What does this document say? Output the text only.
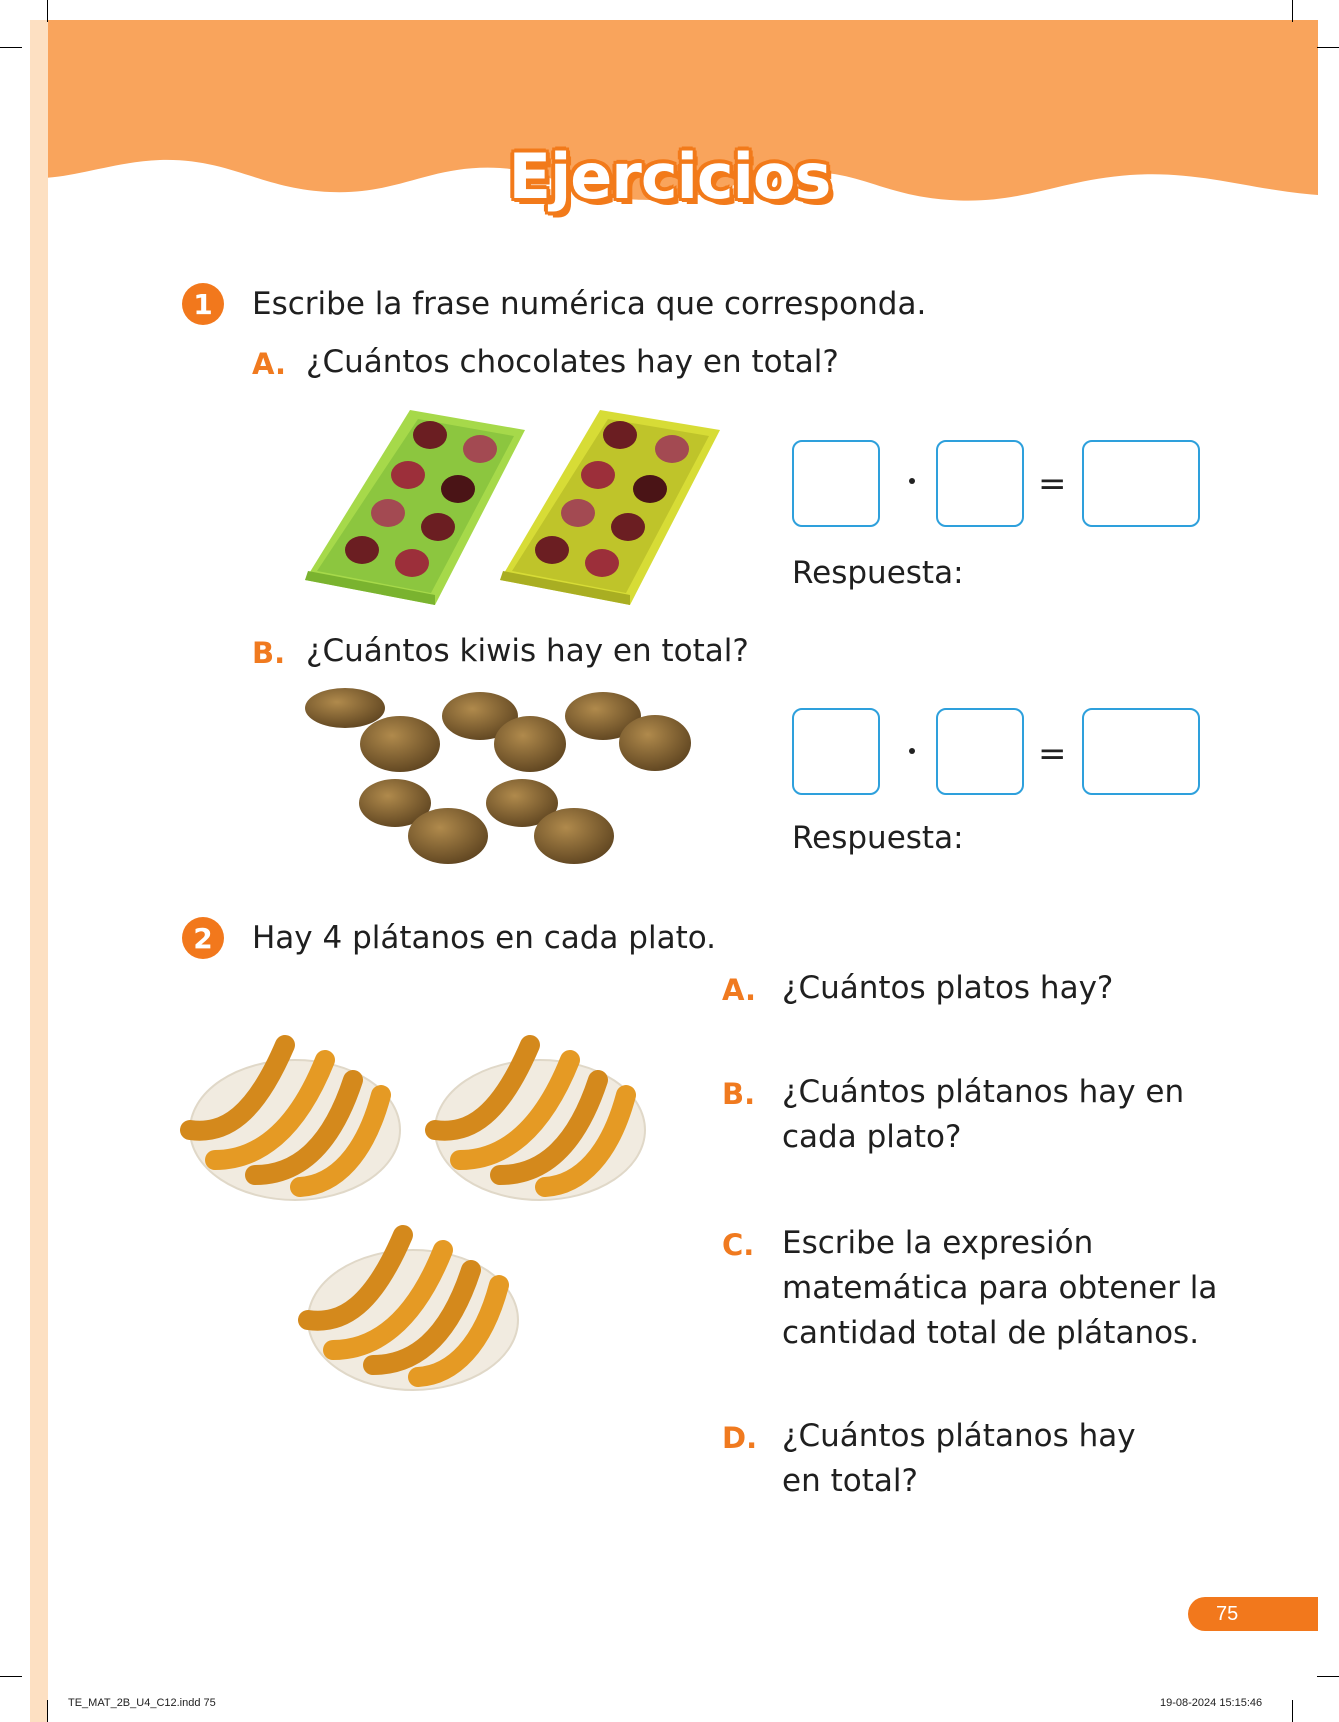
Ejercicios
1	Escribe la frase numérica que corresponda.
A. ¿Cuántos chocolates hay en total?
=
Respuesta:
B. ¿Cuántos kiwis hay en total?
=
Respuesta:
2	Hay 4 plátanos en cada plato.
A. ¿Cuántos platos hay?
B. ¿Cuántos plátanos hay en
cada plato?
C. Escribe la expresión
matemática para obtener la
cantidad total de plátanos.
D. ¿Cuántos plátanos hay
en total?
75
TE_MAT_2B_U4_C12.indd 75	19-08-2024 15:15:46
